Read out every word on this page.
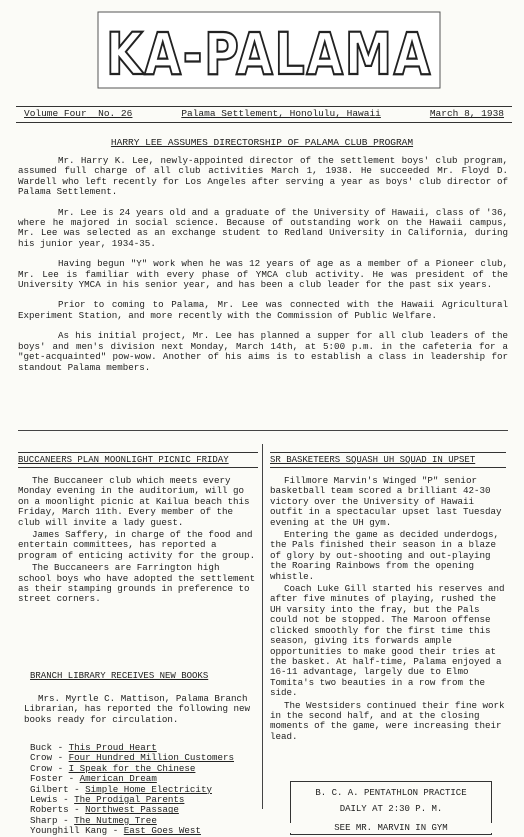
KA-PALAMA
Volume Four No. 26	Palama Settlement, Honolulu, Hawaii	March 8, 1938
HARRY LEE ASSUMES DIRECTORSHIP OF PALAMA CLUB PROGRAM

Mr. Harry K. Lee, newly-appointed director of the settlement boys' club program, assumed full charge of all club activities March 1, 1938. He succeeded Mr. Floyd D. Wardell who left recently for Los Angeles after serving a year as boys' club director of Palama Settlement.

Mr. Lee is 24 years old and a graduate of the University of Hawaii, class of '36, where he majored in social science. Because of outstanding work on the Hawaii campus, Mr. Lee was selected as an exchange student to Redland University in California, during his junior year, 1934-35.

Having begun "Y" work when he was 12 years of age as a member of a Pioneer club, Mr. Lee is familiar with every phase of YMCA club activity. He was president of the University YMCA in his senior year, and has been a club leader for the past six years.

Prior to coming to Palama, Mr. Lee was connected with the Hawaii Agricultural Experiment Station, and more recently with the Commission of Public Welfare.

As his initial project, Mr. Lee has planned a supper for all club leaders of the boys' and men's division next Monday, March 14th, at 5:00 p.m. in the cafeteria for a "get-acquainted" pow-wow. Another of his aims is to establish a class in leadership for standout Palama members.

BUCCANEERS PLAN MOONLIGHT PICNIC FRIDAY

The Buccaneer club which meets every Monday evening in the auditorium, will go on a moonlight picnic at Kailua beach this Friday, March 11th. Every member of the club will invite a lady guest.

James Saffery, in charge of the food and entertain committees, has reported a program of enticing activity for the group.

The Buccaneers are Farrington high school boys who have adopted the settlement as their stamping grounds in preference to street corners.

BRANCH LIBRARY RECEIVES NEW BOOKS

Mrs. Myrtle C. Mattison, Palama Branch Librarian, has reported the following new books ready for circulation.

Buck - This Proud Heart
Crow - Four Hundred Million Customers
Crow - I Speak for the Chinese
Foster - American Dream
Gilbert - Simple Home Electricity
Lewis - The Prodigal Parents
Roberts - Northwest Passage
Sharp - The Nutmeg Tree
Younghill Kang - East Goes West
SR BASKETEERS SQUASH UH SQUAD IN UPSET

Fillmore Marvin's Winged "P" senior basketball team scored a brilliant 42-30 victory over the University of Hawaii outfit in a spectacular upset last Tuesday evening at the UH gym.

Entering the game as decided underdogs, the Pals finished their season in a blaze of glory by out-shooting and out-playing the Roaring Rainbows from the opening whistle.

Coach Luke Gill started his reserves and after five minutes of playing, rushed the UH varsity into the fray, but the Pals could not be stopped. The Maroon offense clicked smoothly for the first time this season, giving its forwards ample opportunities to make good their tries at the basket. At half-time, Palama enjoyed a 16-11 advantage, largely due to Elmo Tomita's two beauties in a row from the side.

The Westsiders continued their fine work in the second half, and at the closing moments of the game, were increasing their lead.

B. C. A. PENTATHLON PRACTICE
DAILY AT 2:30 P. M.
SEE MR. MARVIN IN GYM
